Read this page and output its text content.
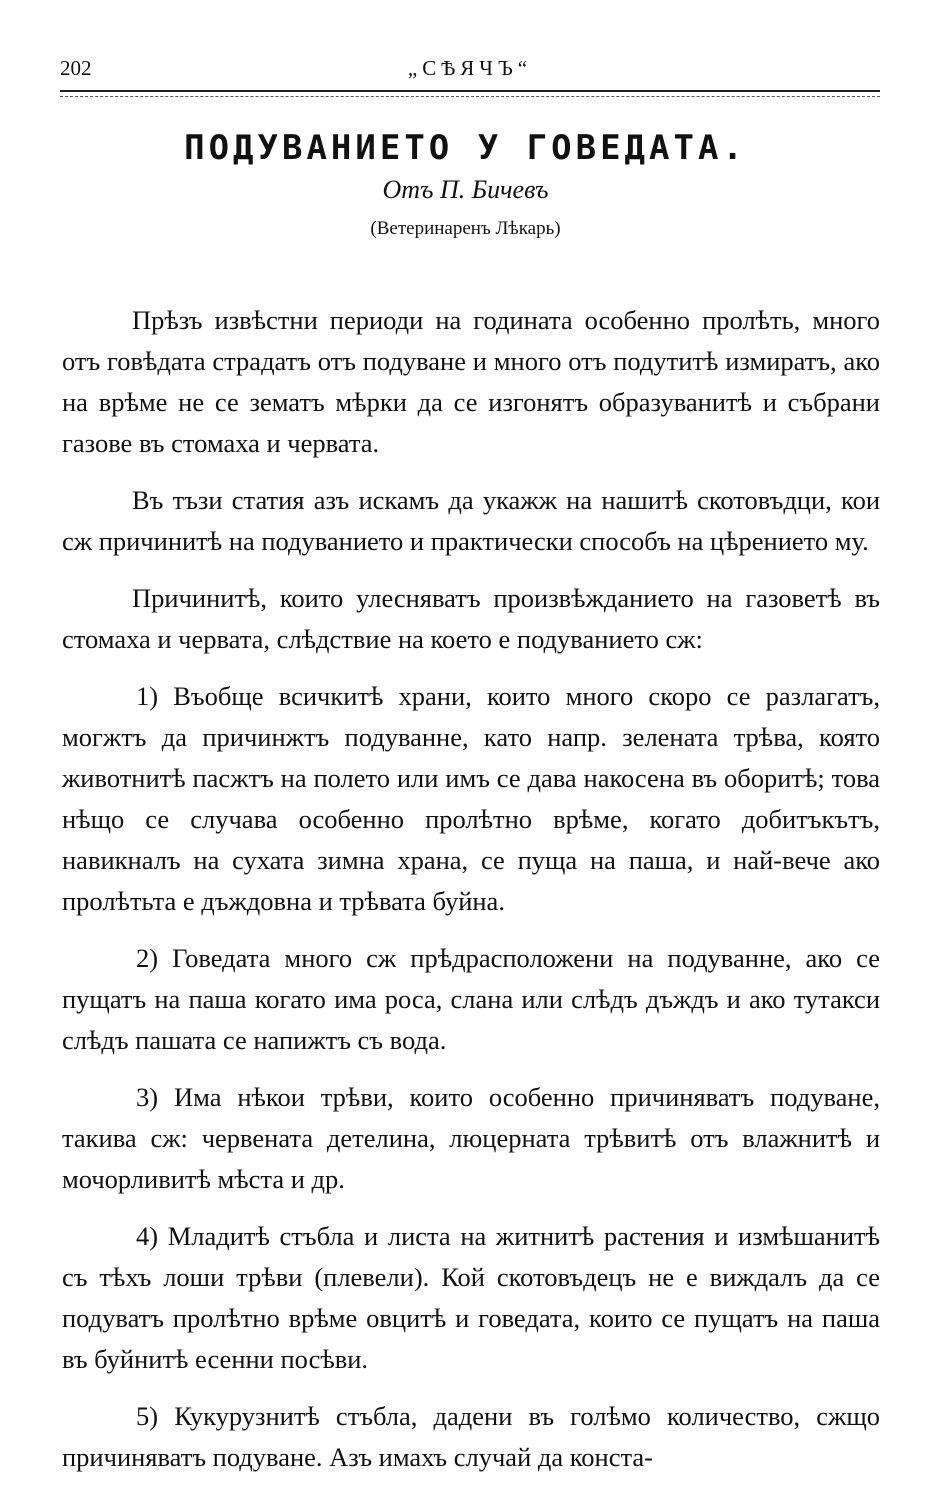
202	„СѢЯЧЪ“
ПОДУВАНИЕТО У ГОВЕДАТА.
Отъ П. Бичевъ
(Ветеринаренъ Лѣкарь)

Прѣзъ извѣстни периоди на годината особенно пролѣть, много отъ говѣдата страдатъ отъ подуване и много отъ подутитѣ измиратъ, ако на врѣме не се зематъ мѣрки да се изгонятъ образуванитѣ и събрани газове въ стомаха и червата.

Въ тъзи статия азъ искамъ да укажж на нашитѣ скотовъдци, кои сж причинитѣ на подуванието и практически способъ на цѣрението му.

Причинитѣ, които улесняватъ произвѣжданието на газоветѣ въ стомаха и червата, слѣдствие на което е подуванието сж:

1) Въобще всичкитѣ храни, които много скоро се разлагатъ, могжтъ да причинжтъ подуванне, като напр. зелената трѣва, която животнитѣ пасжтъ на полето или имъ се дава накосена въ оборитѣ; това нѣщо се случава особенно пролѣтно врѣме, когато добитъкътъ, навикналъ на сухата зимна храна, се пуща на паша, и най-вече ако пролѣтьта е дъждовна и трѣвата буйна.

2) Говедата много сж прѣдрасположени на подуванне, ако се пущатъ на паша когато има роса, слана или слѣдъ дъждъ и ако тутакси слѣдъ пашата се напижтъ съ вода.

3) Има нѣкои трѣви, които особенно причиняватъ подуване, такива сж: червената детелина, люцерната трѣвитѣ отъ влажнитѣ и мочорливитѣ мѣста и др.

4) Младитѣ стъбла и листа на житнитѣ растения и измѣшанитѣ съ тѣхъ лоши трѣви (плевели). Кой скотовъдецъ не е виждалъ да се подуватъ пролѣтно врѣме овцитѣ и говедата, които се пущатъ на паша въ буйнитѣ есенни посѣви.

5) Кукурузнитѣ стъбла, дадени въ голѣмо количество, сжщо причиняватъ подуване. Азъ имахъ случай да конста-
